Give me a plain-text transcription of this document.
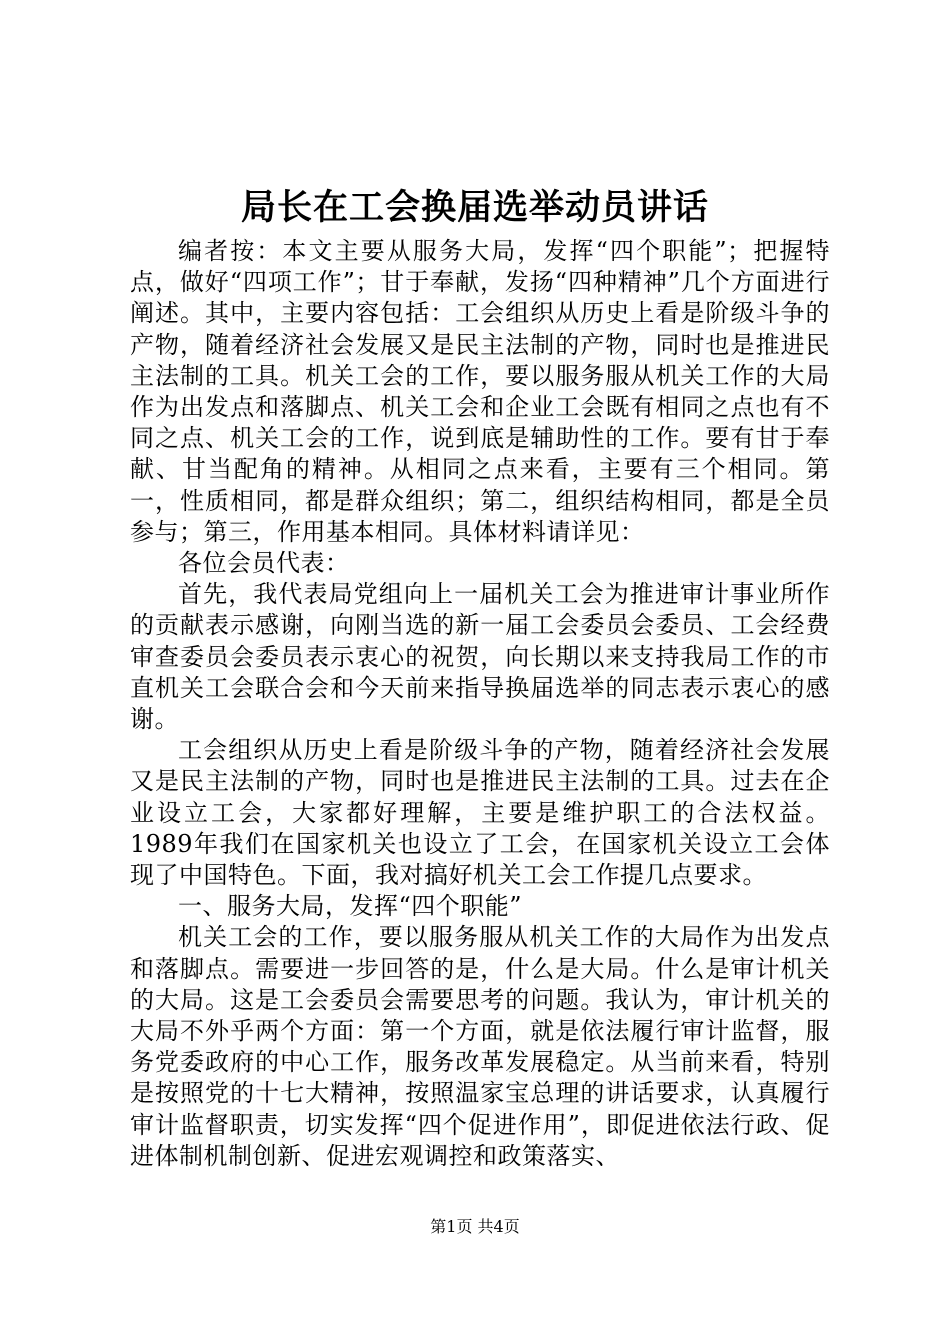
局长在工会换届选举动员讲话

编者按：本文主要从服务大局，发挥“四个职能”；把握特点，做好“四项工作”；甘于奉献，发扬“四种精神”几个方面进行阐述。其中，主要内容包括：工会组织从历史上看是阶级斗争的产物，随着经济社会发展又是民主法制的产物，同时也是推进民主法制的工具。机关工会的工作，要以服务服从机关工作的大局作为出发点和落脚点、机关工会和企业工会既有相同之点也有不同之点、机关工会的工作，说到底是辅助性的工作。要有甘于奉献、甘当配角的精神。从相同之点来看，主要有三个相同。第一，性质相同，都是群众组织；第二，组织结构相同，都是全员参与；第三，作用基本相同。具体材料请详见：

各位会员代表：

首先，我代表局党组向上一届机关工会为推进审计事业所作的贡献表示感谢，向刚当选的新一届工会委员会委员、工会经费审查委员会委员表示衷心的祝贺，向长期以来支持我局工作的市直机关工会联合会和今天前来指导换届选举的同志表示衷心的感谢。

工会组织从历史上看是阶级斗争的产物，随着经济社会发展又是民主法制的产物，同时也是推进民主法制的工具。过去在企业设立工会，大家都好理解，主要是维护职工的合法权益。1989年我们在国家机关也设立了工会，在国家机关设立工会体现了中国特色。下面，我对搞好机关工会工作提几点要求。

一、服务大局，发挥“四个职能”

机关工会的工作，要以服务服从机关工作的大局作为出发点和落脚点。需要进一步回答的是，什么是大局。什么是审计机关的大局。这是工会委员会需要思考的问题。我认为，审计机关的大局不外乎两个方面：第一个方面，就是依法履行审计监督，服务党委政府的中心工作，服务改革发展稳定。从当前来看，特别是按照党的十七大精神，按照温家宝总理的讲话要求，认真履行审计监督职责，切实发挥“四个促进作用”，即促进依法行政、促进体制机制创新、促进宏观调控和政策落实、

第1页 共4页
